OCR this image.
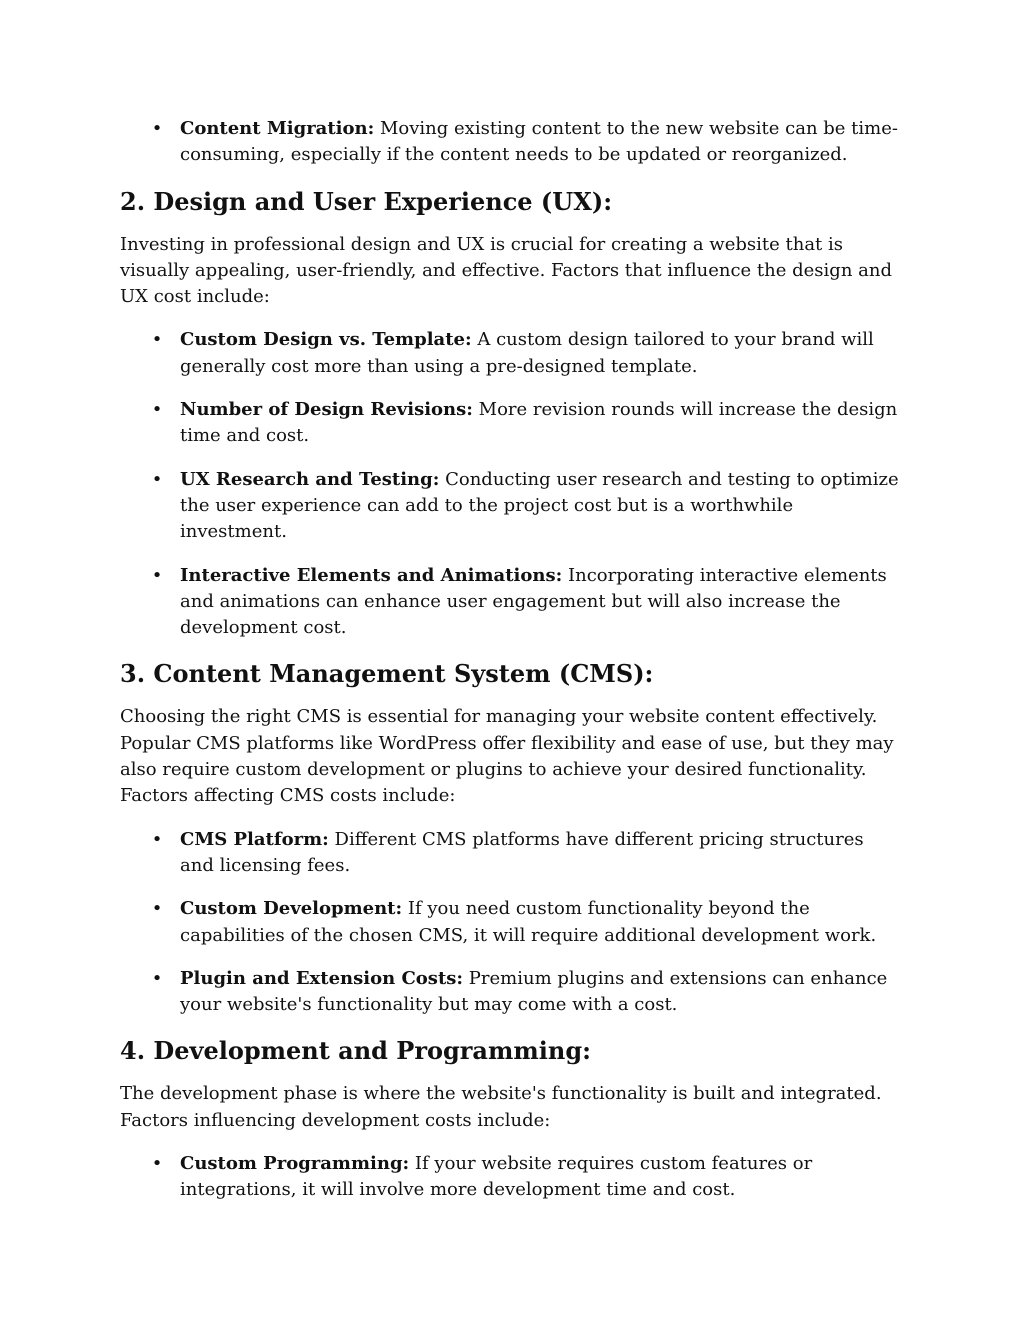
• Content Migration: Moving existing content to the new website can be time-consuming, especially if the content needs to be updated or reorganized.
2. Design and User Experience (UX):

Investing in professional design and UX is crucial for creating a website that is visually appealing, user-friendly, and effective. Factors that influence the design and UX cost include:

• Custom Design vs. Template: A custom design tailored to your brand will generally cost more than using a pre-designed template.
• Number of Design Revisions: More revision rounds will increase the design time and cost.
• UX Research and Testing: Conducting user research and testing to optimize the user experience can add to the project cost but is a worthwhile investment.
• Interactive Elements and Animations: Incorporating interactive elements and animations can enhance user engagement but will also increase the development cost.
3. Content Management System (CMS):

Choosing the right CMS is essential for managing your website content effectively. Popular CMS platforms like WordPress offer flexibility and ease of use, but they may also require custom development or plugins to achieve your desired functionality. Factors affecting CMS costs include:

• CMS Platform: Different CMS platforms have different pricing structures and licensing fees.
• Custom Development: If you need custom functionality beyond the capabilities of the chosen CMS, it will require additional development work.
• Plugin and Extension Costs: Premium plugins and extensions can enhance your website's functionality but may come with a cost.
4. Development and Programming:

The development phase is where the website's functionality is built and integrated. Factors influencing development costs include:

• Custom Programming: If your website requires custom features or integrations, it will involve more development time and cost.
